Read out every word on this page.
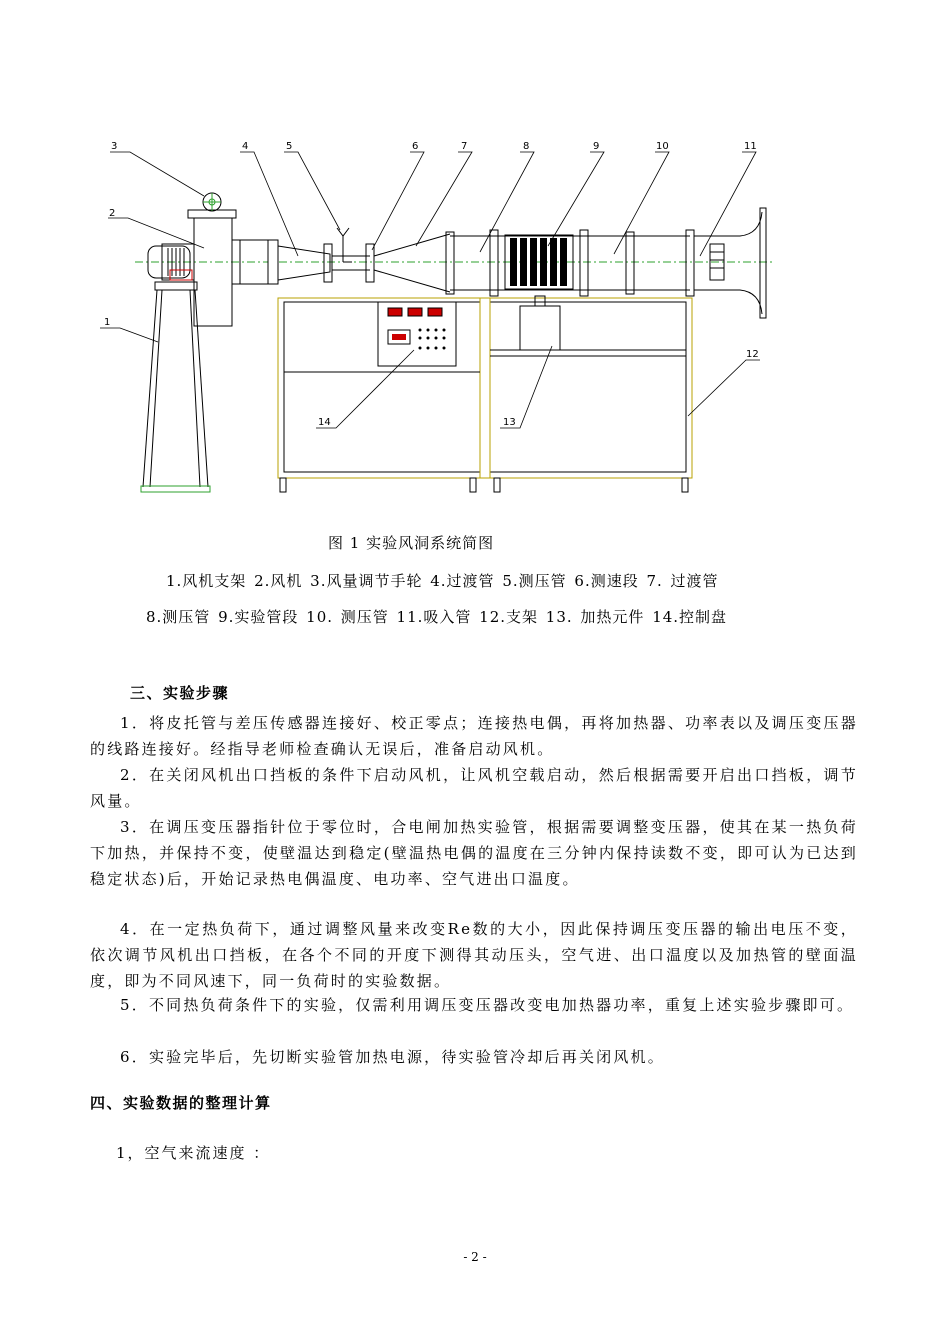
1
2
3	4	5	6	7	8	9	10	11
12
13
14
图 1 实验风洞系统简图
1.风机支架 2.风机 3.风量调节手轮 4.过渡管 5.测压管 6.测速段 7. 过渡管
8.测压管 9.实验管段 10. 测压管 11.吸入管 12.支架 13. 加热元件 14.控制盘
三、实验步骤
1．将皮托管与差压传感器连接好、校正零点；连接热电偶，再将加热器、功率表以及调压变压器的线路连接好。经指导老师检查确认无误后，准备启动风机。
2．在关闭风机出口挡板的条件下启动风机，让风机空载启动，然后根据需要开启出口挡板，调节风量。
3．在调压变压器指针位于零位时，合电闸加热实验管，根据需要调整变压器，使其在某一热负荷下加热，并保持不变，使壁温达到稳定(壁温热电偶的温度在三分钟内保持读数不变，即可认为已达到稳定状态)后，开始记录热电偶温度、电功率、空气进出口温度。
4．在一定热负荷下，通过调整风量来改变Re数的大小，因此保持调压变压器的输出电压不变，依次调节风机出口挡板，在各个不同的开度下测得其动压头，空气进、出口温度以及加热管的壁面温度，即为不同风速下，同一负荷时的实验数据。
5．不同热负荷条件下的实验，仅需利用调压变压器改变电加热器功率，重复上述实验步骤即可。
6．实验完毕后，先切断实验管加热电源，待实验管冷却后再关闭风机。
四、实验数据的整理计算
1，空气来流速度 ：
- 2 -
